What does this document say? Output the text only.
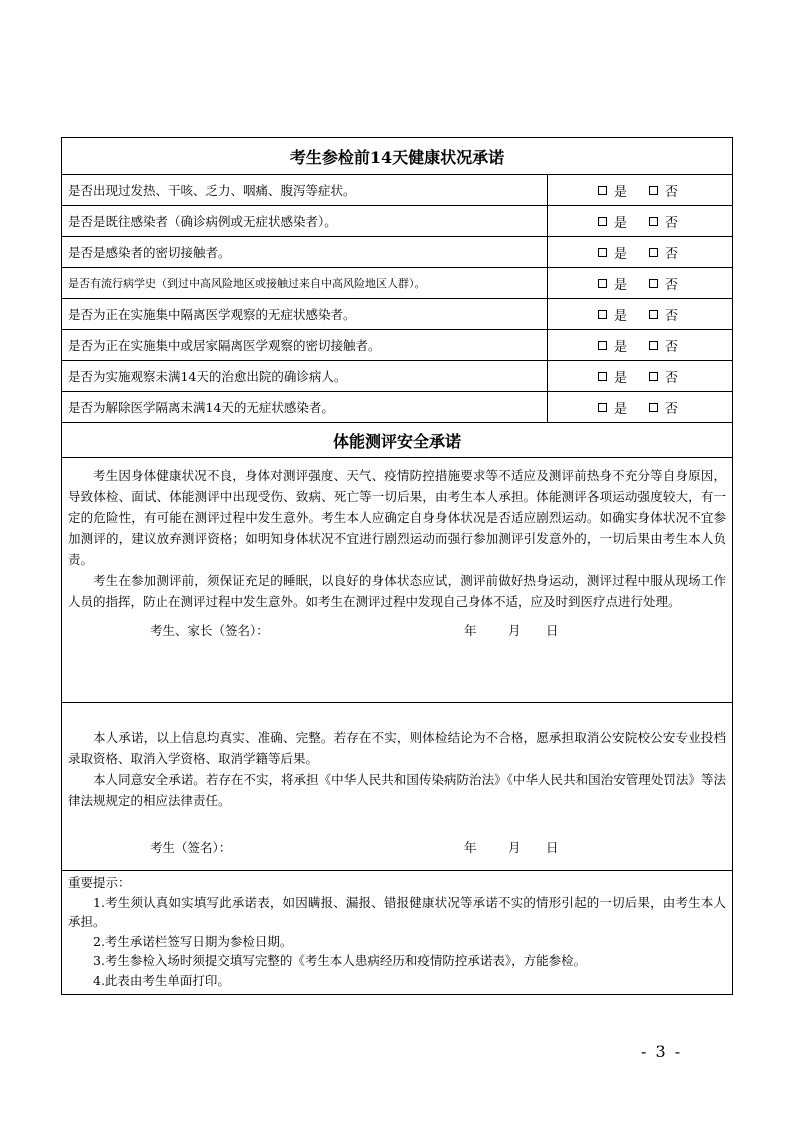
考生参检前14天健康状况承诺
是否出现过发热、干咳、乏力、咽痛、腹泻等症状。	是	否
是否是既往感染者（确诊病例或无症状感染者）。	是	否
是否是感染者的密切接触者。	是	否
是否有流行病学史（到过中高风险地区或接触过来自中高风险地区人群）。	是	否
是否为正在实施集中隔离医学观察的无症状感染者。	是	否
是否为正在实施集中或居家隔离医学观察的密切接触者。	是	否
是否为实施观察未满14天的治愈出院的确诊病人。	是	否
是否为解除医学隔离未满14天的无症状感染者。	是	否
体能测评安全承诺

考生因身体健康状况不良，身体对测评强度、天气、疫情防控措施要求等不适应及测评前热身不充分等自身原因，导致体检、面试、体能测评中出现受伤、致病、死亡等一切后果，由考生本人承担。体能测评各项运动强度较大，有一定的危险性，有可能在测评过程中发生意外。考生本人应确定自身身体状况是否适应剧烈运动。如确实身体状况不宜参加测评的，建议放弃测评资格；如明知身体状况不宜进行剧烈运动而强行参加测评引发意外的，一切后果由考生本人负责。

考生在参加测评前，须保证充足的睡眠，以良好的身体状态应试，测评前做好热身运动，测评过程中服从现场工作人员的指挥，防止在测评过程中发生意外。如考生在测评过程中发现自己身体不适，应及时到医疗点进行处理。

考生、家长（签名）：	年	月 日

本人承诺，以上信息均真实、准确、完整。若存在不实，则体检结论为不合格，愿承担取消公安院校公安专业投档录取资格、取消入学资格、取消学籍等后果。

本人同意安全承诺。若存在不实，将承担《中华人民共和国传染病防治法》《中华人民共和国治安管理处罚法》等法律法规规定的相应法律责任。

考生（签名）：	年	月 日

重要提示：

1.考生须认真如实填写此承诺表，如因瞒报、漏报、错报健康状况等承诺不实的情形引起的一切后果，由考生本人承担。

2.考生承诺栏签写日期为参检日期。

3.考生参检入场时须提交填写完整的《考生本人患病经历和疫情防控承诺表》，方能参检。

4.此表由考生单面打印。

- 3 -
